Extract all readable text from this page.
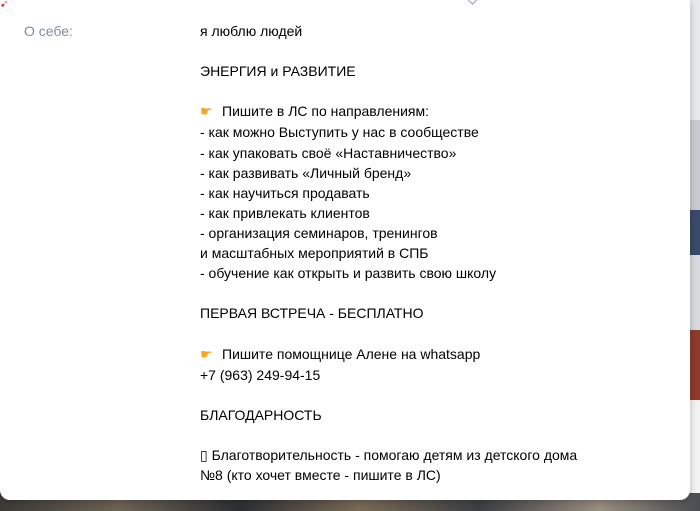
О себе:	я люблю людей
ЭНЕРГИЯ и РАЗВИТИЕ
☛ Пишите в ЛС по направлениям:
- как можно Выступить у нас в сообществе
- как упаковать своё «Наставничество»
- как развивать «Личный бренд»
- как научиться продавать
- как привлекать клиентов
- организация семинаров, тренингов
и масштабных мероприятий в СПБ
- обучение как открыть и развить свою школу
ПЕРВАЯ ВСТРЕЧА - БЕСПЛАТНО
☛ Пишите помощнице Алене на whatsapp
+7 (963) 249-94-15
БЛАГОДАРНОСТЬ
▯ Благотворительность - помогаю детям из детского дома
№8 (кто хочет вместе - пишите в ЛС)
➹
